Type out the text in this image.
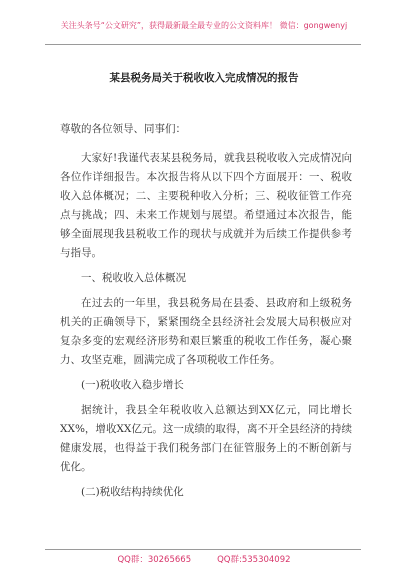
关注头条号“公文研究”，获得最新最全最专业的公文资料库！ 微信：gongwenyj
某县税务局关于税收收入完成情况的报告

尊敬的各位领导、同事们：

大家好!我谨代表某县税务局，就我县税收收入完成情况向各位作详细报告。本次报告将从以下四个方面展开：一、税收收入总体概况；二、主要税种收入分析；三、税收征管工作亮点与挑战；四、未来工作规划与展望。希望通过本次报告，能够全面展现我县税收工作的现状与成就并为后续工作提供参考与指导。

一、税收收入总体概况

在过去的一年里，我县税务局在县委、县政府和上级税务机关的正确领导下，紧紧围绕全县经济社会发展大局积极应对复杂多变的宏观经济形势和艰巨繁重的税收工作任务，凝心聚力、攻坚克难，圆满完成了各项税收工作任务。

(一)税收收入稳步增长

据统计，我县全年税收收入总额达到XX亿元，同比增长XX%，增收XX亿元。这一成绩的取得，离不开全县经济的持续健康发展，也得益于我们税务部门在征管服务上的不断创新与优化。

(二)税收结构持续优化

QQ群：30265665	QQ群:535304092
